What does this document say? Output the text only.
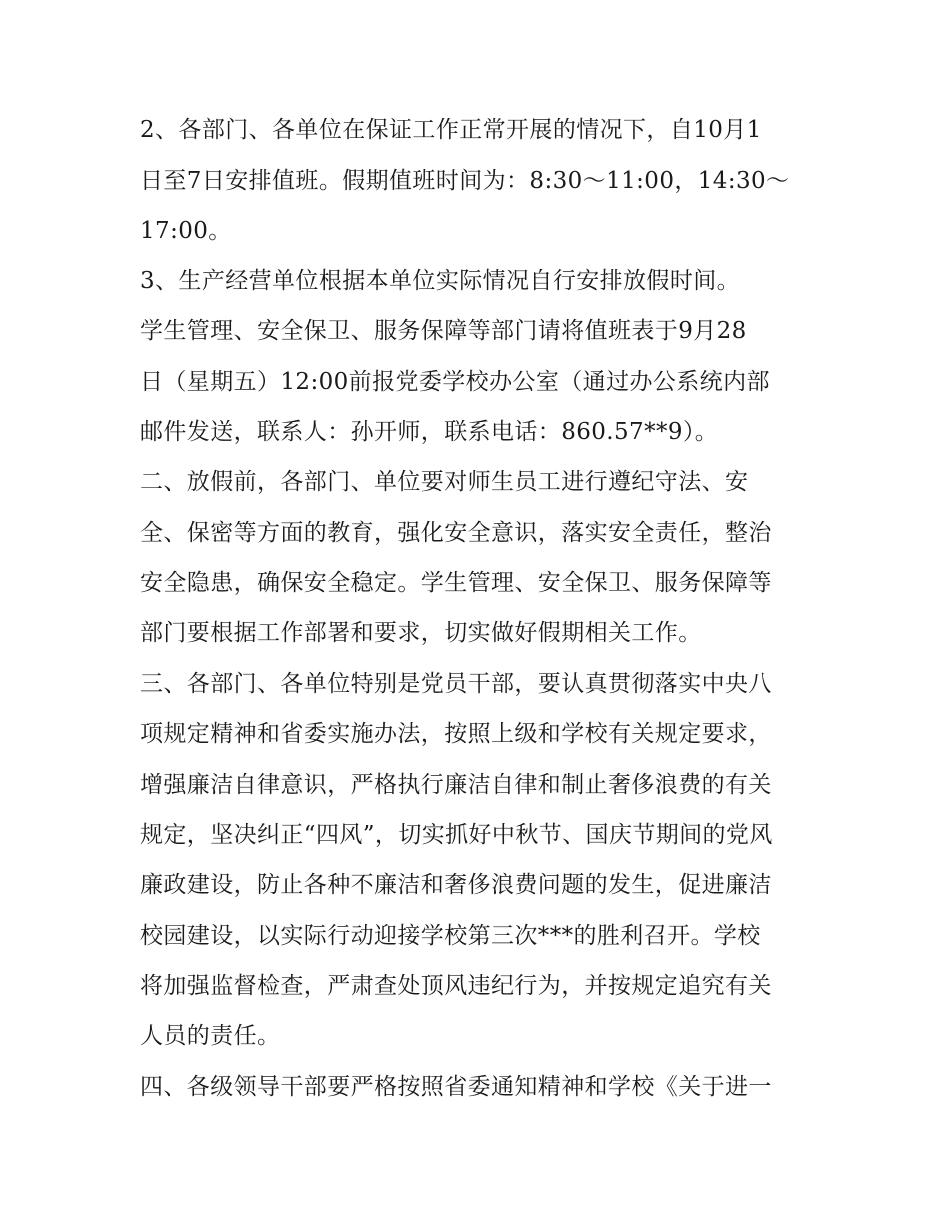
2、各部门、各单位在保证工作正常开展的情况下，自10月1
日至7日安排值班。假期值班时间为：8:30～11:00，14:30～
17:00。
3、生产经营单位根据本单位实际情况自行安排放假时间。
学生管理、安全保卫、服务保障等部门请将值班表于9月28
日（星期五）12:00前报党委学校办公室（通过办公系统内部
邮件发送，联系人：孙开师，联系电话：860.57**9）。
二、放假前，各部门、单位要对师生员工进行遵纪守法、安
全、保密等方面的教育，强化安全意识，落实安全责任，整治
安全隐患，确保安全稳定。学生管理、安全保卫、服务保障等
部门要根据工作部署和要求，切实做好假期相关工作。
三、各部门、各单位特别是党员干部，要认真贯彻落实中央八
项规定精神和省委实施办法，按照上级和学校有关规定要求，
增强廉洁自律意识，严格执行廉洁自律和制止奢侈浪费的有关
规定，坚决纠正“四风”，切实抓好中秋节、国庆节期间的党风
廉政建设，防止各种不廉洁和奢侈浪费问题的发生，促进廉洁
校园建设，以实际行动迎接学校第三次***的胜利召开。学校
将加强监督检查，严肃查处顶风违纪行为，并按规定追究有关
人员的责任。
四、各级领导干部要严格按照省委通知精神和学校《关于进一
